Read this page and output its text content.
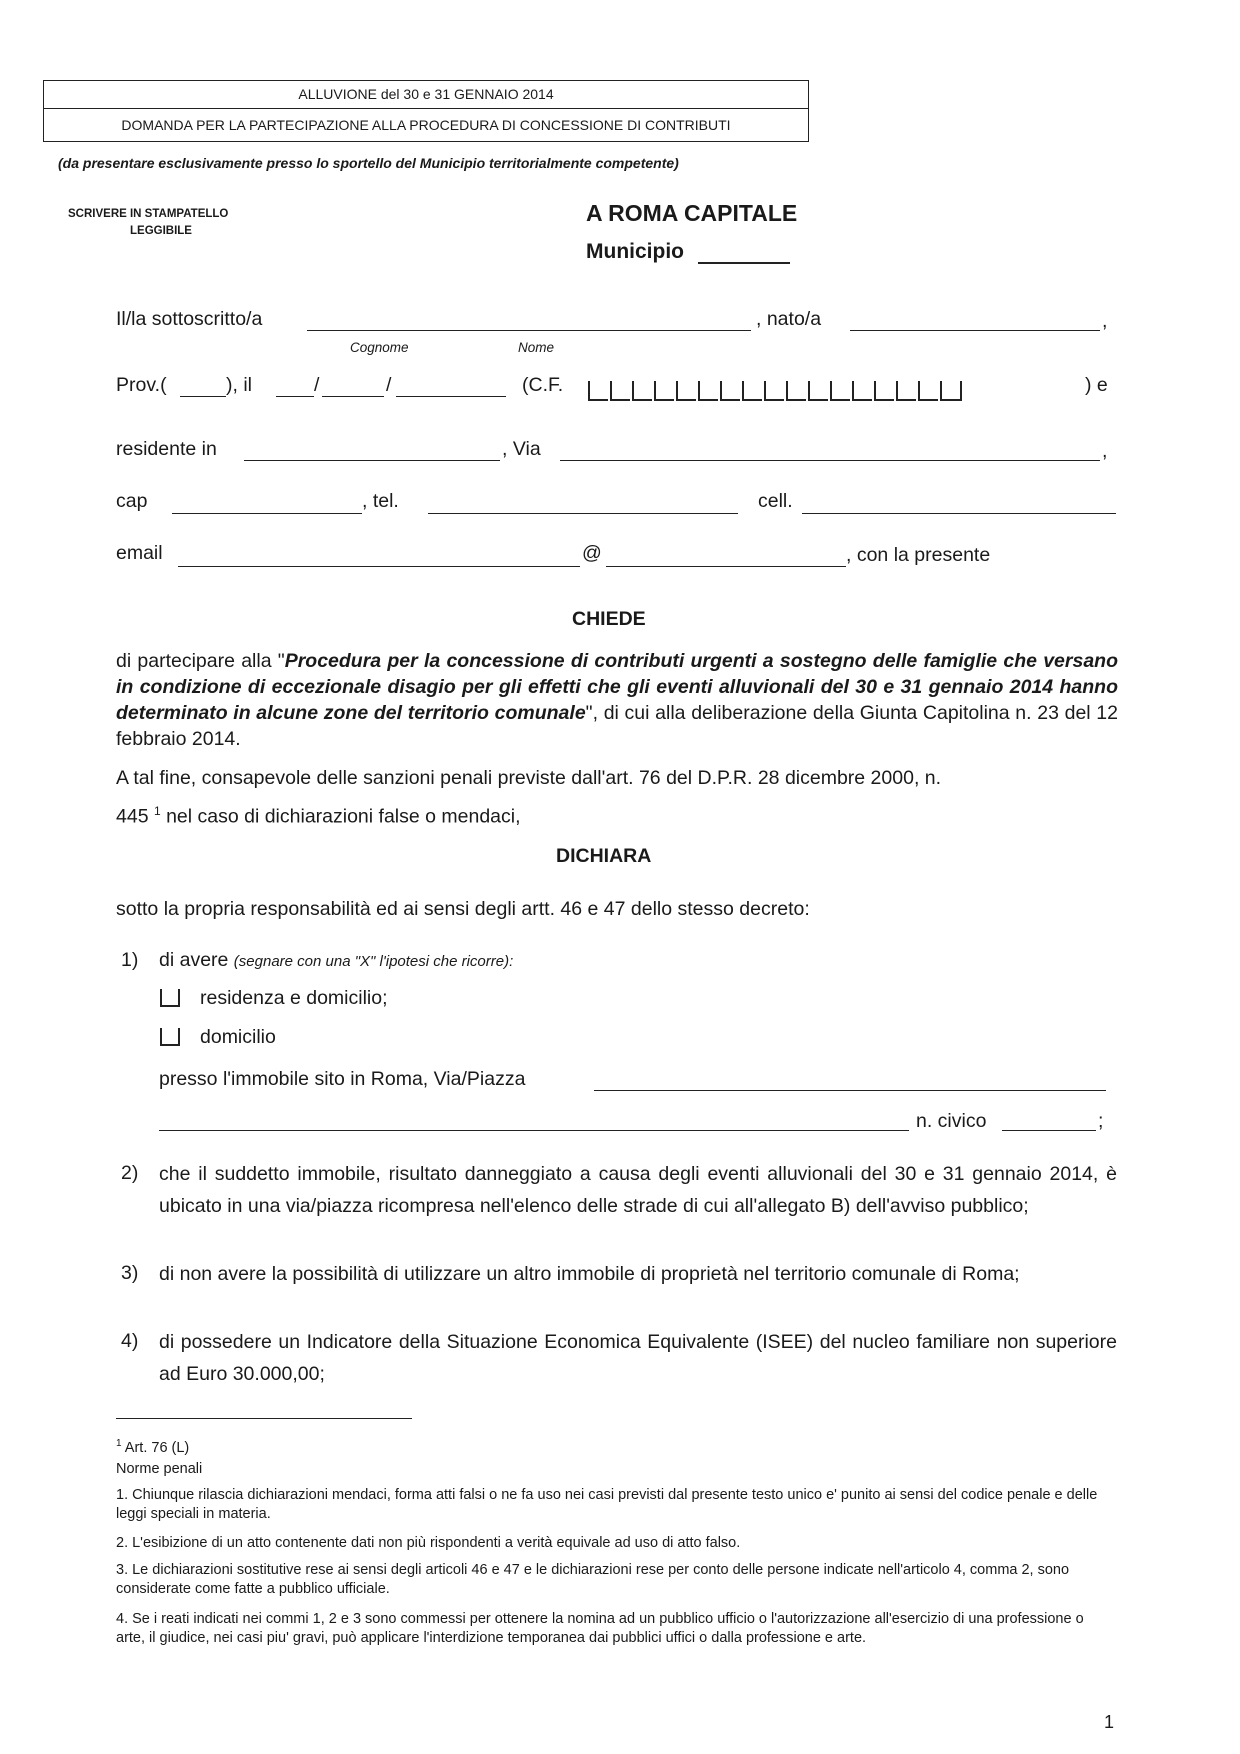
ALLUVIONE del 30 e 31 GENNAIO 2014
DOMANDA PER LA PARTECIPAZIONE ALLA PROCEDURA DI CONCESSIONE DI CONTRIBUTI
(da presentare esclusivamente presso lo sportello del Municipio territorialmente competente)
SCRIVERE IN STAMPATELLO
LEGGIBILE
A ROMA CAPITALE
Municipio
Il/la sottoscritto/a	, nato/a	,
Cognome	Nome
Prov.(	), il	/	/	(C.F.	) e
residente in	, Via	,
cap	, tel.	cell.
email	@	, con la presente
CHIEDE
di partecipare alla "Procedura per la concessione di contributi urgenti a sostegno delle famiglie che versano in condizione di eccezionale disagio per gli effetti che gli eventi alluvionali del 30 e 31 gennaio 2014 hanno determinato in alcune zone del territorio comunale", di cui alla deliberazione della Giunta Capitolina n. 23 del 12 febbraio 2014.
A tal fine, consapevole delle sanzioni penali previste dall'art. 76 del D.P.R. 28 dicembre 2000, n.
445 $^1$ nel caso di dichiarazioni false o mendaci,
DICHIARA
sotto la propria responsabilità ed ai sensi degli artt. 46 e 47 dello stesso decreto:
1) di avere (segnare con una "X" l'ipotesi che ricorre):
residenza e domicilio;
domicilio
presso l'immobile sito in Roma, Via/Piazza
n. civico	;
2) che il suddetto immobile, risultato danneggiato a causa degli eventi alluvionali del 30 e 31 gennaio 2014, è ubicato in una via/piazza ricompresa nell'elenco delle strade di cui all'allegato B) dell'avviso pubblico;
3) di non avere la possibilità di utilizzare un altro immobile di proprietà nel territorio comunale di Roma;
4) di possedere un Indicatore della Situazione Economica Equivalente (ISEE) del nucleo familiare non superiore ad Euro 30.000,00;
$^1$ Art. 76 (L)
Norme penali
1. Chiunque rilascia dichiarazioni mendaci, forma atti falsi o ne fa uso nei casi previsti dal presente testo unico e' punito ai sensi del codice penale e delle leggi speciali in materia.
2. L'esibizione di un atto contenente dati non più rispondenti a verità equivale ad uso di atto falso.
3. Le dichiarazioni sostitutive rese ai sensi degli articoli 46 e 47 e le dichiarazioni rese per conto delle persone indicate nell'articolo 4, comma 2, sono considerate come fatte a pubblico ufficiale.
4. Se i reati indicati nei commi 1, 2 e 3 sono commessi per ottenere la nomina ad un pubblico ufficio o l'autorizzazione all'esercizio di una professione o arte, il giudice, nei casi piu' gravi, può applicare l'interdizione temporanea dai pubblici uffici o dalla professione e arte.
1
